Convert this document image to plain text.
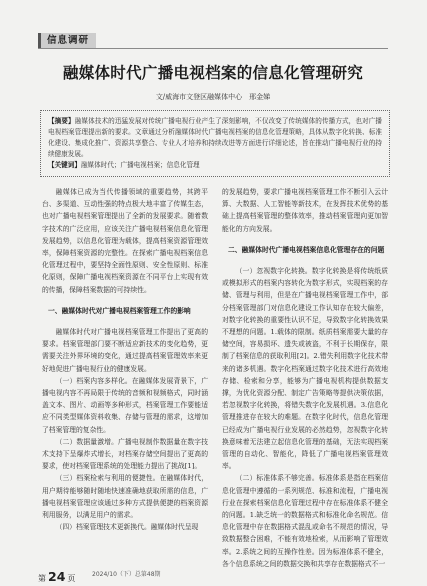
信息调研
融媒体时代广播电视档案的信息化管理研究
文/威海市文登区融媒体中心　邢金娣
【摘要】融媒体技术的迅猛发展对传统广播电视行业产生了深刻影响，不仅改变了传统媒体的传播方式，也对广播电视档案管理提出新的要求。文章通过分析融媒体时代广播电视档案的信息化管理策略，具体从数字化转换、标准化建设、集成化推广、资源共享整合、专业人才培养和持续改进等方面进行详细论述，旨在推动广播电视行业的持续健康发展。
【关键词】融媒体时代；广播电视档案；信息化管理

融媒体已成为当代传播领域的重要趋势，其跨平台、多渠道、互动性强的特点极大地丰富了传媒生态，也对广播电视档案管理提出了全新的发展要求。随着数字技术的广泛应用，应该关注广播电视档案信息化管理发展趋势，以信息化管理为载体，提高档案资源管理效率，保障档案资源的完整性。在探索广播电视档案信息化管理过程中，要坚持全面性原则、安全性原则、标准化原则，保障广播电视档案资源在不同平台上实现有效的传播，保障档案数据的可持续性。

一、融媒体时代对广播电视档案管理工作的影响

融媒体时代对广播电视档案管理工作提出了更高的要求。档案管理部门要不断适应新技术的变化趋势，更需要关注外界环境的变化，通过提高档案管理效率来更好地促进广播电视行业的健康发展。

（一）档案内容多样化。在融媒体发展背景下，广播电视内容不再局限于传统的音频和视频格式，同时涵盖文本、图片、动画等多种形式，档案管理工作要能适应不同类型媒体资料收集、存储与管理的需求，这增加了档案管理的复杂性。

（二）数据量激增。广播电视制作数据量在数字技术支持下呈爆炸式增长，对档案存储空间提出了更高的要求，使对档案管理系统的处理能力提出了挑战[1]。

（三）档案检索与利用的便捷性。在融媒体时代，用户期待能够随时随地快速准确地获取所需的信息，广播电视档案管理应该通过多种方式提供便捷的档案资源利用服务，以满足用户的需求。

（四）档案管理技术更新换代。融媒体时代呈现

的发展趋势，要求广播电视档案管理工作不断引入云计算、大数据、人工智能等新技术，在发挥技术优势的基础上提高档案管理的整体效率，推动档案管理向更加智能化的方向发展。

二、融媒体时代广播电视档案信息化管理存在的问题

（一）忽视数字化转换。数字化转换是将传统纸质或模拟形式的档案内容转化为数字形式，实现档案的存储、管理与利用，但是在广播电视档案管理工作中，部分档案管理部门对信息化建设工作认知存在较大偏差，对数字化转换的重要性认识不足，导致数字化转换效果不理想的问题。1.载体的限制。纸质档案需要大量的存储空间，容易损坏、遗失或被盗，不利于长期保存，限制了档案信息的获取利用[2]。2.错失利用数字化技术带来的诸多机遇。数字化档案通过数字化技术进行高效地存储、检索和分享，能够为广播电视机构提供数据支撑，为优化资源分配、制定广告策略等提供决策依据，若忽视数字化转换，将错失数字化发展机遇。3.信息化管理推进存在较大的难题。在数字化时代，信息化管理已经成为广播电视行业发展的必然趋势，忽视数字化转换意味着无法建立起信息化管理的基础，无法实现档案管理的自动化、智能化，降低了广播电视档案管理效率。

（二）标准体系不够完善。标准体系是指在档案信息化管理中遵循的一系列规范、标准和流程，广播电视行业在探索档案信息化管理过程中存在标准体系不健全的问题。1.缺乏统一的数据格式和标准化命名规范。信息化管理中存在数据格式混乱或命名不规范的情况，导致数据整合困难，不能有效地检索，从而影响了管理效率。2.系统之间的互操作性差。因为标准体系不健全，各个信息系统之间的数据交换和共享存在数据格式不一

第 24 页	2024/10（下）总第48期
